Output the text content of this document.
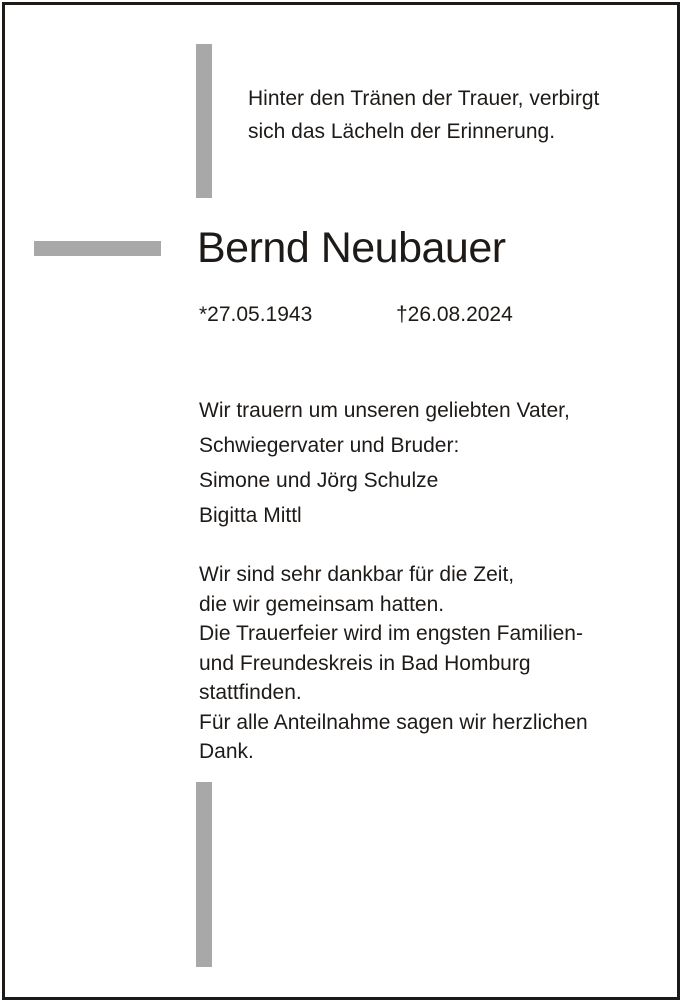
Hinter den Tränen der Trauer, verbirgt
sich das Lächeln der Erinnerung.
Bernd Neubauer
*27.05.1943	†26.08.2024
Wir trauern um unseren geliebten Vater,
Schwiegervater und Bruder:
Simone und Jörg Schulze
Bigitta Mittl
Wir sind sehr dankbar für die Zeit,
die wir gemeinsam hatten.
Die Trauerfeier wird im engsten Familien-
und Freundeskreis in Bad Homburg
stattfinden.
Für alle Anteilnahme sagen wir herzlichen
Dank.
